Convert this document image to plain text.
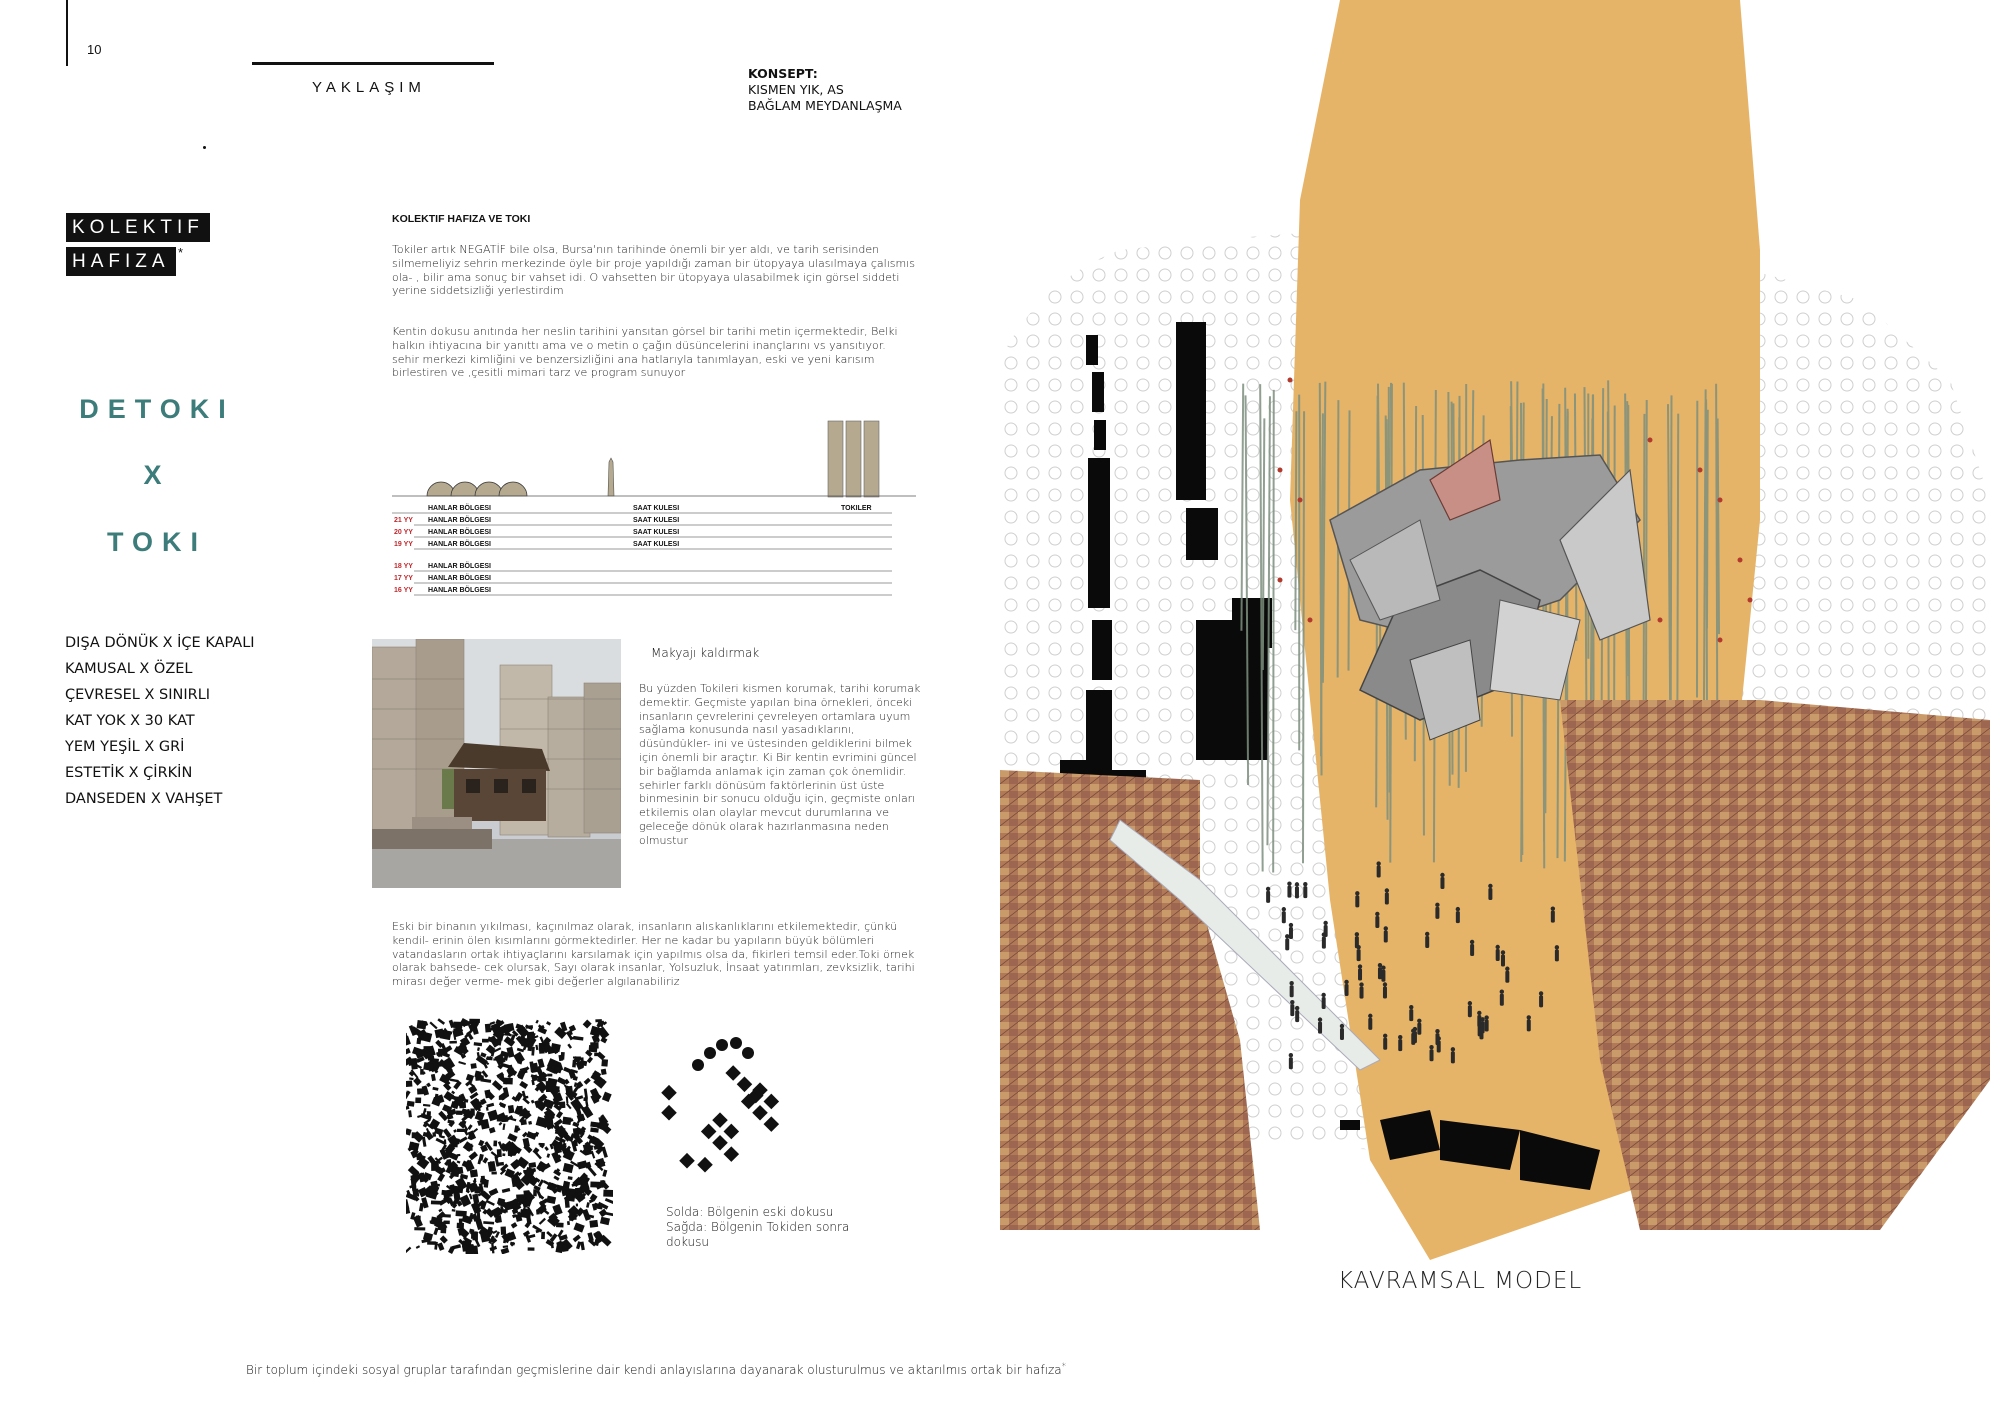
10
YAKLAŞIM
KONSEPT:
KISMEN YIK, AS
BAĞLAM MEYDANLAŞMA
KOLEKTIF
HAFIZA *
DETOKI
X
TOKI
DIŞA DÖNÜK X İÇE KAPALI
KAMUSAL X ÖZEL
ÇEVRESEL X SINIRLI
KAT YOK X 30 KAT
YEM YEŞİL X GRİ
ESTETİK X ÇİRKİN
DANSEDEN X VAHŞET
KOLEKTIF HAFIZA VE TOKI
Tokiler artık NEGATİF bile olsa, Bursa'nın tarihinde önemli bir yer aldı, ve tarih serisinden silmemeliyiz sehrin merkezinde öyle bir proje yapıldığı zaman bir ütopyaya ulasılmaya çalısmıs ola- , bilir ama sonuç bir vahset idi. O vahsetten bir ütopyaya ulasabilmek için görsel siddeti yerine siddetsizliği yerlestirdim
Kentin dokusu anıtında her neslin tarihini yansıtan görsel bir tarihi metin içermektedir, Belki halkın ihtiyacına bir yanıttı ama ve o metin o çağın düsüncelerini inançlarını vs yansıtıyor. sehir merkezi kimliğini ve benzersizliğini ana hatlarıyla tanımlayan, eski ve yeni karısım birlestiren ve ,çesitli mimari tarz ve program sunuyor
HANLAR BÖLGESI	SAAT KULESI	TOKILER
21 YY HANLAR BÖLGESI	SAAT KULESI
20 YY HANLAR BÖLGESI	SAAT KULESI
19 YY HANLAR BÖLGESI	SAAT KULESI
18 YY HANLAR BÖLGESI
17 YY HANLAR BÖLGESI
16 YY HANLAR BÖLGESI
Makyajı kaldırmak
Bu yüzden Tokileri kismen korumak, tarihi korumak demektir. Geçmiste yapılan bina örnekleri, önceki insanların çevrelerini çevreleyen ortamlara uyum sağlama konusunda nasıl yasadıklarını, düsündükler- ini ve üstesinden geldiklerini bilmek için önemli bir araçtır. Ki Bir kentin evrimini güncel bir bağlamda anlamak için zaman çok önemlidir. sehirler farklı dönüsüm faktörlerinin üst üste binmesinin bir sonucu olduğu için, geçmiste onları etkilemis olan olaylar mevcut durumlarına ve geleceğe dönük olarak hazırlanmasına neden olmustur
Eski bir binanın yıkılması, kaçınılmaz olarak, insanların alıskanlıklarını etkilemektedir, çünkü kendil- erinin ölen kısımlarını görmektedirler. Her ne kadar bu yapıların büyük bölümleri vatandasların ortak ihtiyaçlarını karsılamak için yapılmıs olsa da, fikirleri temsil eder.Toki örnek olarak bahsede- cek olursak, Sayı olarak insanlar, Yolsuzluk, İnsaat yatırımları, zevksizlik, tarihi mirası değer verme- mek gibi değerler algılanabiliriz
Solda: Bölgenin eski dokusu
Sağda: Bölgenin Tokiden sonra
dokusu
Bir toplum içindeki sosyal gruplar tarafından geçmislerine dair kendi anlayıslarına dayanarak olusturulmus ve aktarılmıs ortak bir hafıza*
KAVRAMSAL MODEL
